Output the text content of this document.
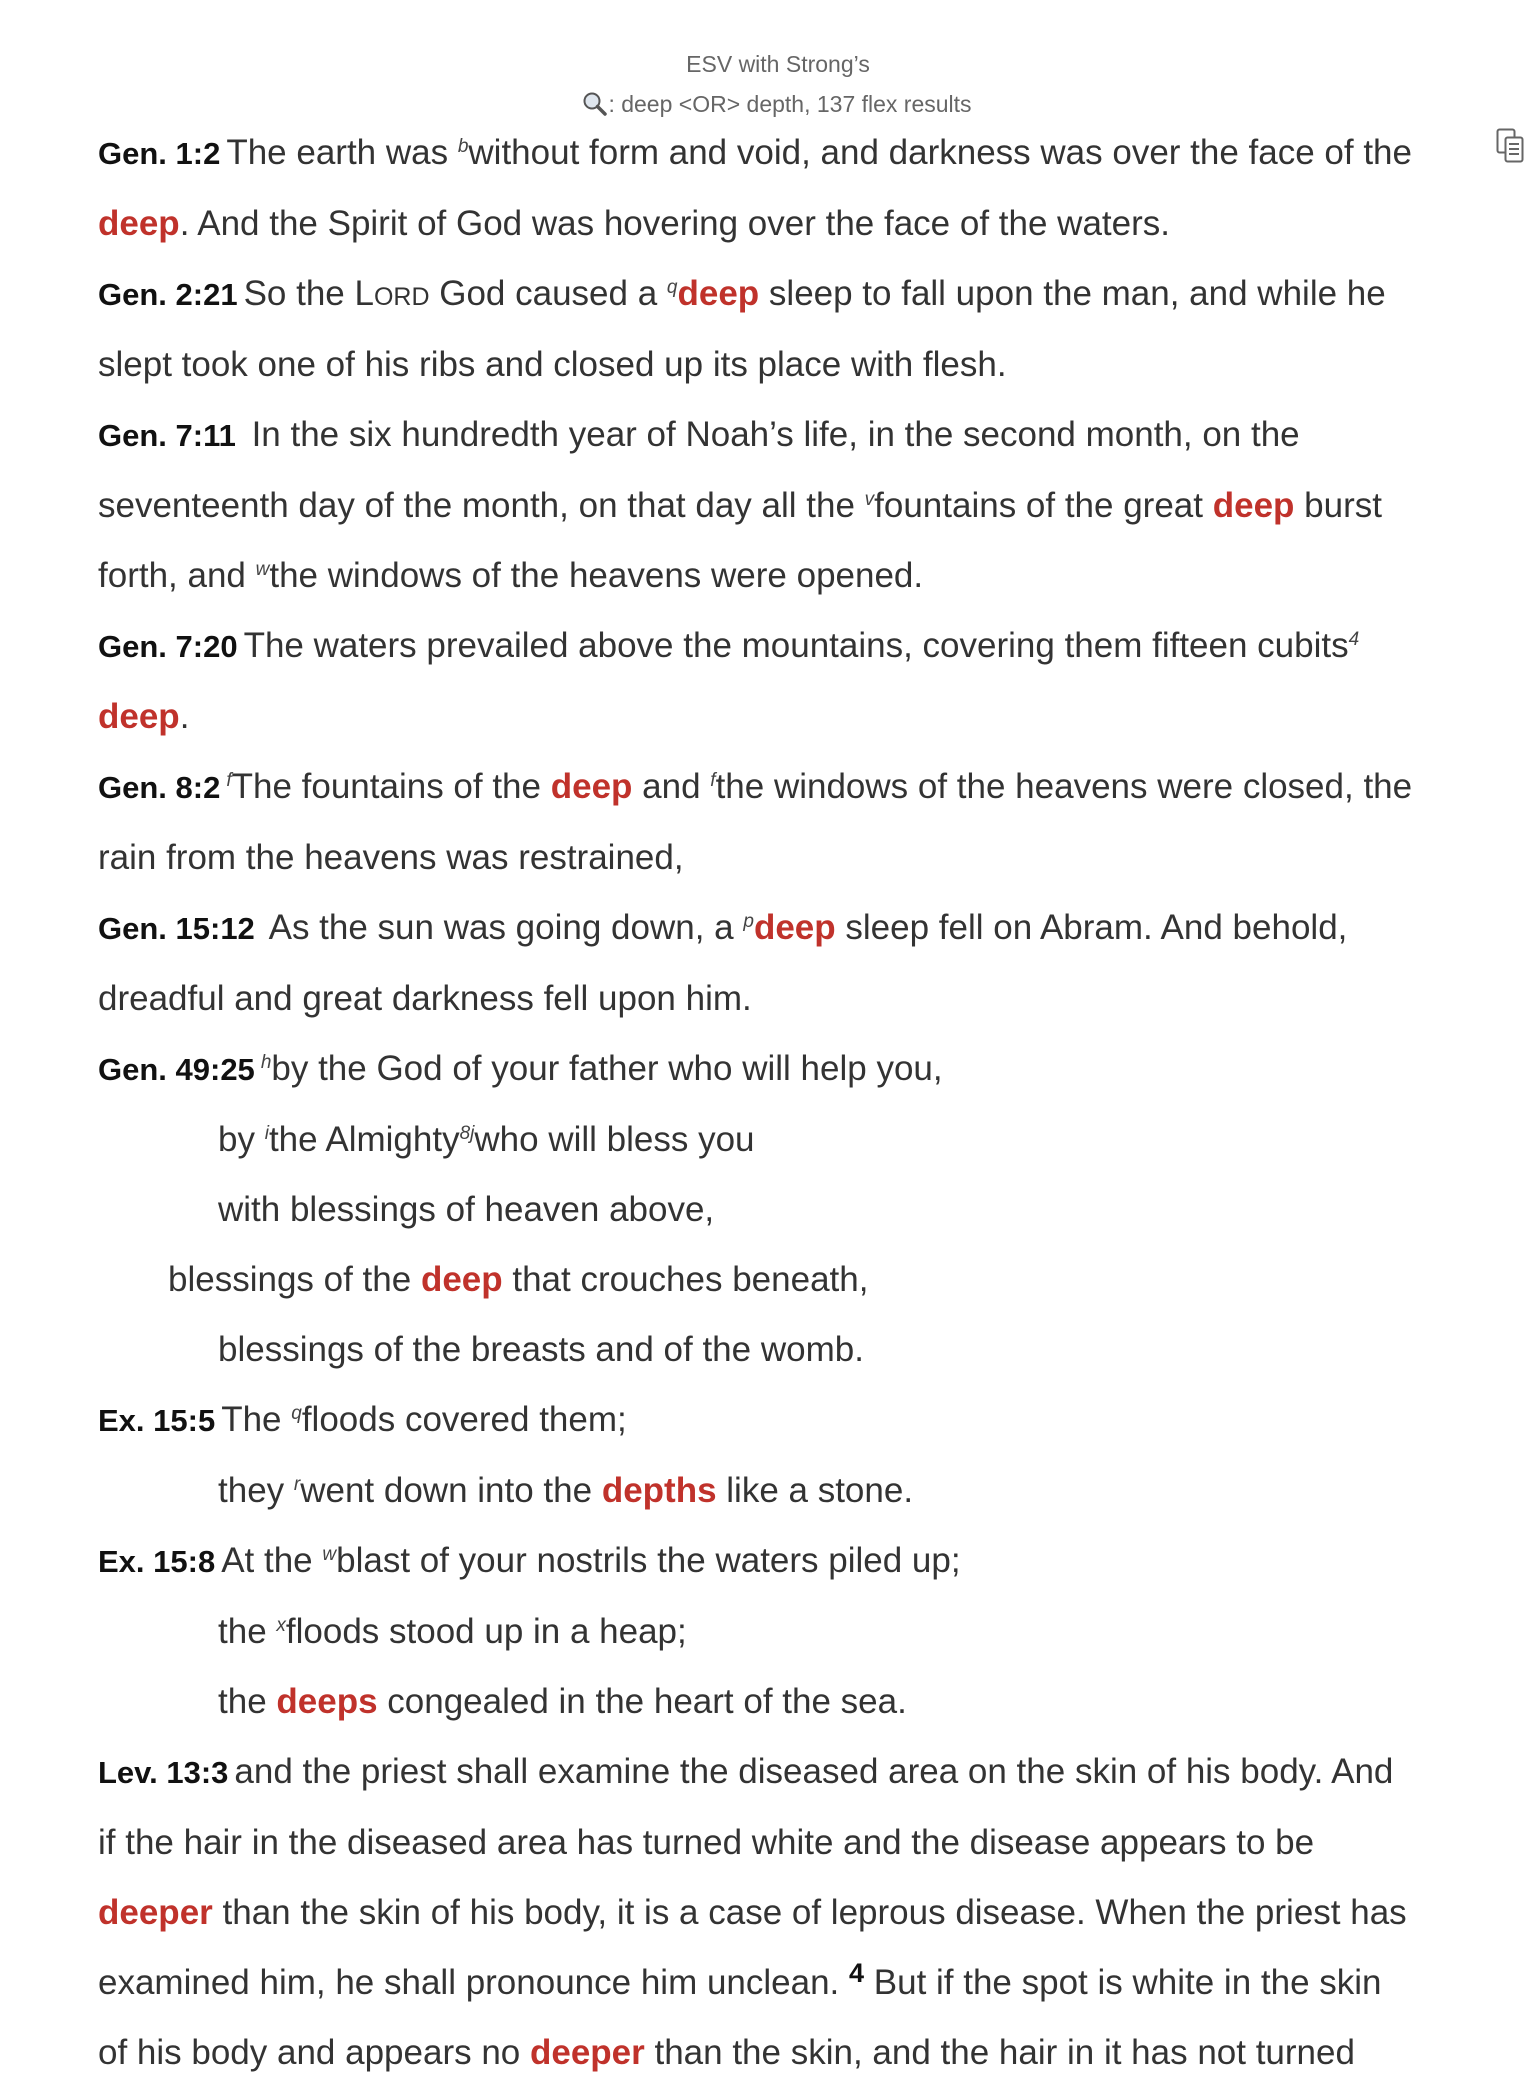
ESV with Strong’s
: deep <OR> depth, 137 flex results

Gen. 1:2 The earth was $^b$without form and void, and darkness was over the face of the deep. And the Spirit of God was hovering over the face of the waters.

Gen. 2:21 So the Lord God caused a $^q$deep sleep to fall upon the man, and while he slept took one of his ribs and closed up its place with flesh.

Gen. 7:11 In the six hundredth year of Noah’s life, in the second month, on the seventeenth day of the month, on that day all the $^v$fountains of the great deep burst forth, and $^w$the windows of the heavens were opened.

Gen. 7:20 The waters prevailed above the mountains, covering them fifteen cubits$^4$
deep.

Gen. 8:2 $^f$The fountains of the deep and $^f$the windows of the heavens were closed, the rain from the heavens was restrained,

Gen. 15:12 As the sun was going down, a $^p$deep sleep fell on Abram. And behold, dreadful and great darkness fell upon him.

Gen. 49:25 $^h$by the God of your father who will help you,
by $^i$the Almighty$^{8j}$who will bless you
with blessings of heaven above,
blessings of the deep that crouches beneath,
blessings of the breasts and of the womb.
Ex. 15:5 The $^q$floods covered them;
they $^r$went down into the depths like a stone.
Ex. 15:8 At the $^w$blast of your nostrils the waters piled up;
the $^x$floods stood up in a heap;
the deeps congealed in the heart of the sea.

Lev. 13:3 and the priest shall examine the diseased area on the skin of his body. And if the hair in the diseased area has turned white and the disease appears to be deeper than the skin of his body, it is a case of leprous disease. When the priest has examined him, he shall pronounce him unclean. $^4$ But if the spot is white in the skin of his body and appears no deeper than the skin, and the hair in it has not turned
